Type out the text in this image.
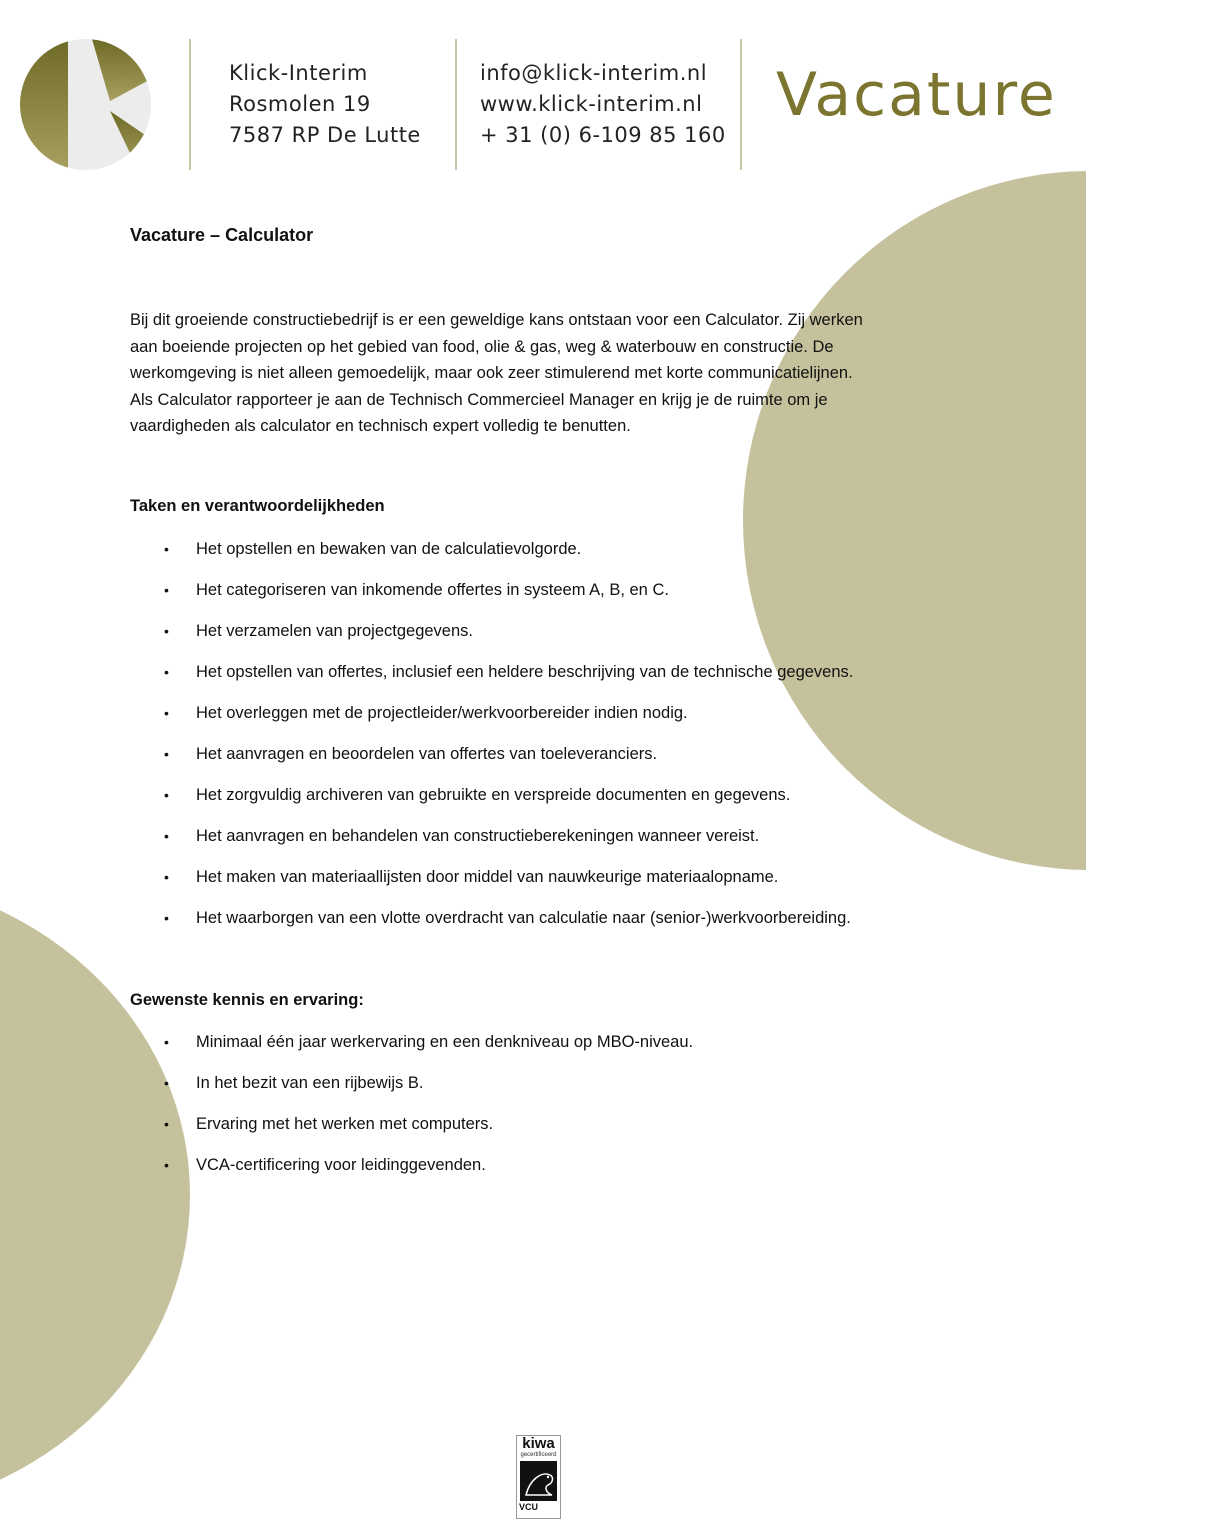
Klick-Interim
Rosmolen 19
7587 RP De Lutte
info@klick-interim.nl
www.klick-interim.nl
+ 31 (0) 6-109 85 160
Vacature
Vacature – Calculator
Bij dit groeiende constructiebedrijf is er een geweldige kans ontstaan voor een Calculator. Zij werken
aan boeiende projecten op het gebied van food, olie & gas, weg & waterbouw en constructie. De
werkomgeving is niet alleen gemoedelijk, maar ook zeer stimulerend met korte communicatielijnen.
Als Calculator rapporteer je aan de Technisch Commercieel Manager en krijg je de ruimte om je
vaardigheden als calculator en technisch expert volledig te benutten.
Taken en verantwoordelijkheden
• Het opstellen en bewaken van de calculatievolgorde.
• Het categoriseren van inkomende offertes in systeem A, B, en C.
• Het verzamelen van projectgegevens.
• Het opstellen van offertes, inclusief een heldere beschrijving van de technische gegevens.
• Het overleggen met de projectleider/werkvoorbereider indien nodig.
• Het aanvragen en beoordelen van offertes van toeleveranciers.
• Het zorgvuldig archiveren van gebruikte en verspreide documenten en gegevens.
• Het aanvragen en behandelen van constructieberekeningen wanneer vereist.
• Het maken van materiaallijsten door middel van nauwkeurige materiaalopname.
• Het waarborgen van een vlotte overdracht van calculatie naar (senior-)werkvoorbereiding.
Gewenste kennis en ervaring:
• Minimaal één jaar werkervaring en een denkniveau op MBO-niveau.
• In het bezit van een rijbewijs B.
• Ervaring met het werken met computers.
• VCA-certificering voor leidinggevenden.
kiwa
gecertificeerd
VCU
